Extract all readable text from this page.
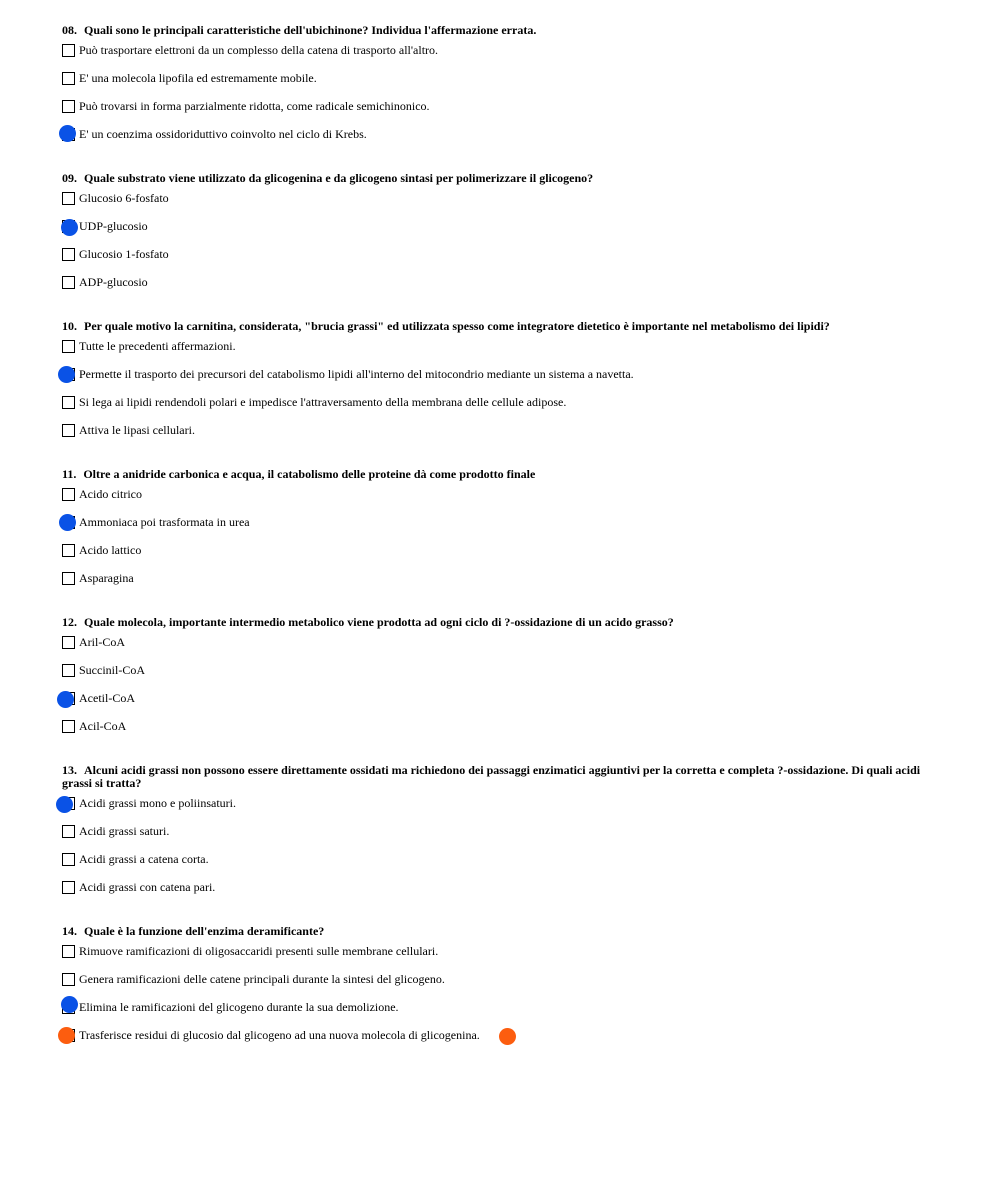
08. Quali sono le principali caratteristiche dell'ubichinone? Individua l'affermazione errata.

Può trasportare elettroni da un complesso della catena di trasporto all'altro.
E' una molecola lipofila ed estremamente mobile.
Può trovarsi in forma parzialmente ridotta, come radicale semichinonico.
E' un coenzima ossidoriduttivo coinvolto nel ciclo di Krebs.

09. Quale substrato viene utilizzato da glicogenina e da glicogeno sintasi per polimerizzare il glicogeno?

Glucosio 6-fosfato
UDP-glucosio
Glucosio 1-fosfato
ADP-glucosio

10. Per quale motivo la carnitina, considerata, "brucia grassi" ed utilizzata spesso come integratore dietetico è importante nel metabolismo dei lipidi?

Tutte le precedenti affermazioni.
Permette il trasporto dei precursori del catabolismo lipidi all'interno del mitocondrio mediante un sistema a navetta.
Si lega ai lipidi rendendoli polari e impedisce l'attraversamento della membrana delle cellule adipose.
Attiva le lipasi cellulari.

11. Oltre a anidride carbonica e acqua, il catabolismo delle proteine dà come prodotto finale

Acido citrico
Ammoniaca poi trasformata in urea
Acido lattico
Asparagina

12. Quale molecola, importante intermedio metabolico viene prodotta ad ogni ciclo di ?-ossidazione di un acido grasso?

Aril-CoA
Succinil-CoA
Acetil-CoA
Acil-CoA

13. Alcuni acidi grassi non possono essere direttamente ossidati ma richiedono dei passaggi enzimatici aggiuntivi per la corretta e completa ?-ossidazione. Di quali acidi grassi si tratta?

Acidi grassi mono e poliinsaturi.
Acidi grassi saturi.
Acidi grassi a catena corta.
Acidi grassi con catena pari.

14. Quale è la funzione dell'enzima deramificante?

Rimuove ramificazioni di oligosaccaridi presenti sulle membrane cellulari.
Genera ramificazioni delle catene principali durante la sintesi del glicogeno.
Elimina le ramificazioni del glicogeno durante la sua demolizione.
Trasferisce residui di glucosio dal glicogeno ad una nuova molecola di glicogenina.
